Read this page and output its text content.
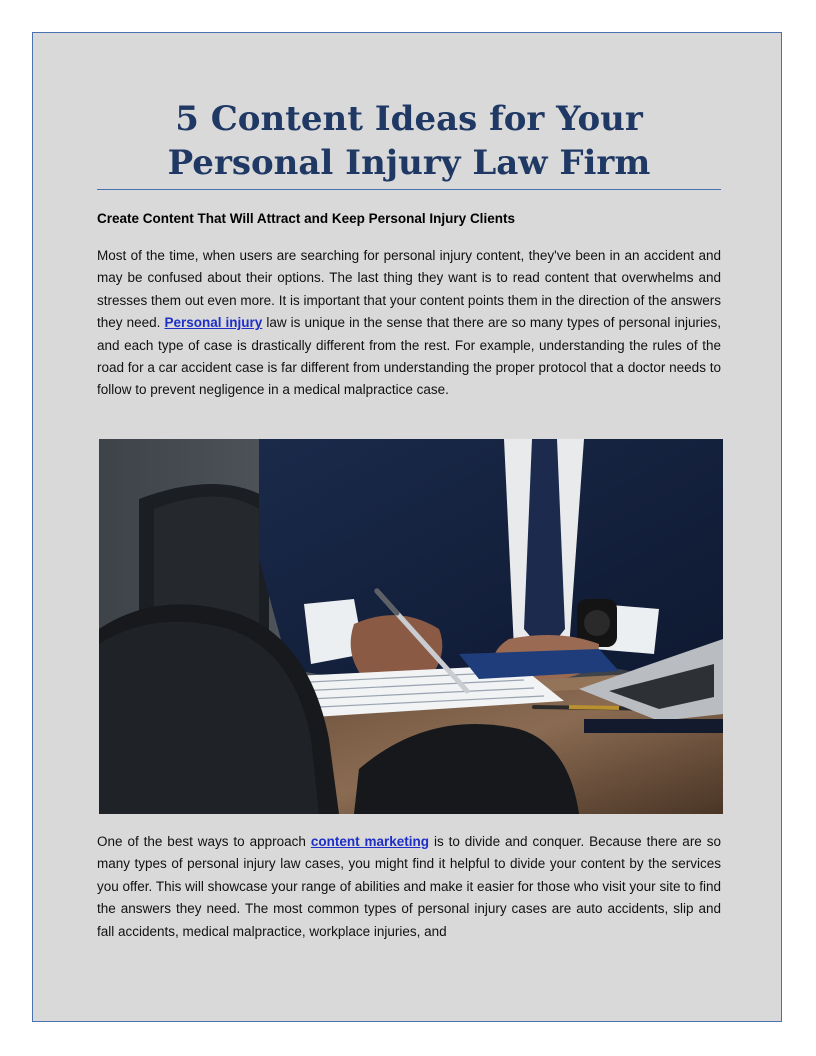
5 Content Ideas for Your Personal Injury Law Firm
Create Content That Will Attract and Keep Personal Injury Clients

Most of the time, when users are searching for personal injury content, they've been in an accident and may be confused about their options. The last thing they want is to read content that overwhelms and stresses them out even more. It is important that your content points them in the direction of the answers they need. Personal injury law is unique in the sense that there are so many types of personal injuries, and each type of case is drastically different from the rest. For example, understanding the rules of the road for a car accident case is far different from understanding the proper protocol that a doctor needs to follow to prevent negligence in a medical malpractice case.

One of the best ways to approach content marketing is to divide and conquer. Because there are so many types of personal injury law cases, you might find it helpful to divide your content by the services you offer. This will showcase your range of abilities and make it easier for those who visit your site to find the answers they need. The most common types of personal injury cases are auto accidents, slip and fall accidents, medical malpractice, workplace injuries, and
